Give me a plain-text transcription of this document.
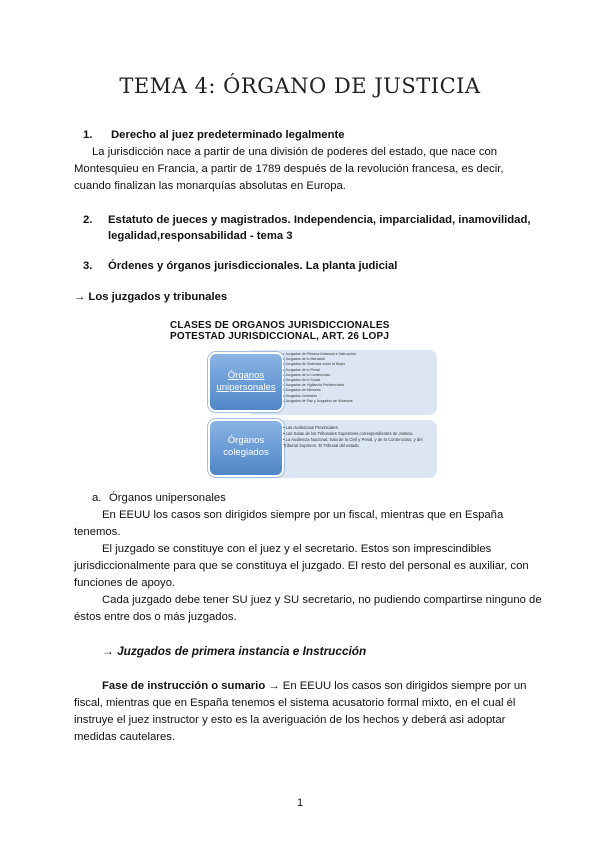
TEMA 4: ÓRGANO DE JUSTICIA
1. Derecho al juez predeterminado legalmente
La jurisdicción nace a partir de una división de poderes del estado, que nace con
Montesquieu en Francia, a partir de 1789 después de la revolución francesa, es decir,
cuando finalizan las monarquías absolutas en Europa.
2. Estatuto de jueces y magistrados. Independencia, imparcialidad, inamovilidad,
legalidad,responsabilidad - tema 3
3. Órdenes y órganos jurisdiccionales. La planta judicial
→ Los juzgados y tribunales
CLASES DE ORGANOS JURISDICCIONALES
POTESTAD JURISDICCIONAL, ART. 26 LOPJ
Órganos
unipersonales
Órganos
colegiados
• Juzgados de Primera Instancia e Instrucción
• Juzgados de lo Mercantil
• Juzgados de Violencia sobre la Mujer
• Juzgados de lo Penal
• Juzgados de lo Contencioso
• Juzgados de lo Social
• Juzgados de Vigilancia Penitenciaria
• Juzgados de Menores
• Juzgados Centrales
• Juzgados de Paz y Juzgados de Violencia
• Las Audiencias Provinciales.
• Las Salas de los Tribunales Superiores correspondientes de Justicia
• La Audiencia Nacional, Sala de lo Civil y Penal, y de lo Contencioso, y del Tribunal Supremo. El Tribunal del estado
a. Órganos unipersonales
En EEUU los casos son dirigidos siempre por un fiscal, mientras que en España
tenemos.
El juzgado se constituye con el juez y el secretario. Estos son imprescindibles
jurisdiccionalmente para que se constituya el juzgado. El resto del personal es auxiliar, con
funciones de apoyo.
Cada juzgado debe tener SU juez y SU secretario, no pudiendo compartirse ninguno de
éstos entre dos o más juzgados.
→ Juzgados de primera instancia e Instrucción
Fase de instrucción o sumario → En EEUU los casos son dirigidos siempre por un
fiscal, mientras que en España tenemos el sistema acusatorio formal mixto, en el cual él
instruye el juez instructor y esto es la averiguación de los hechos y deberá asi adoptar
medidas cautelares.
1
